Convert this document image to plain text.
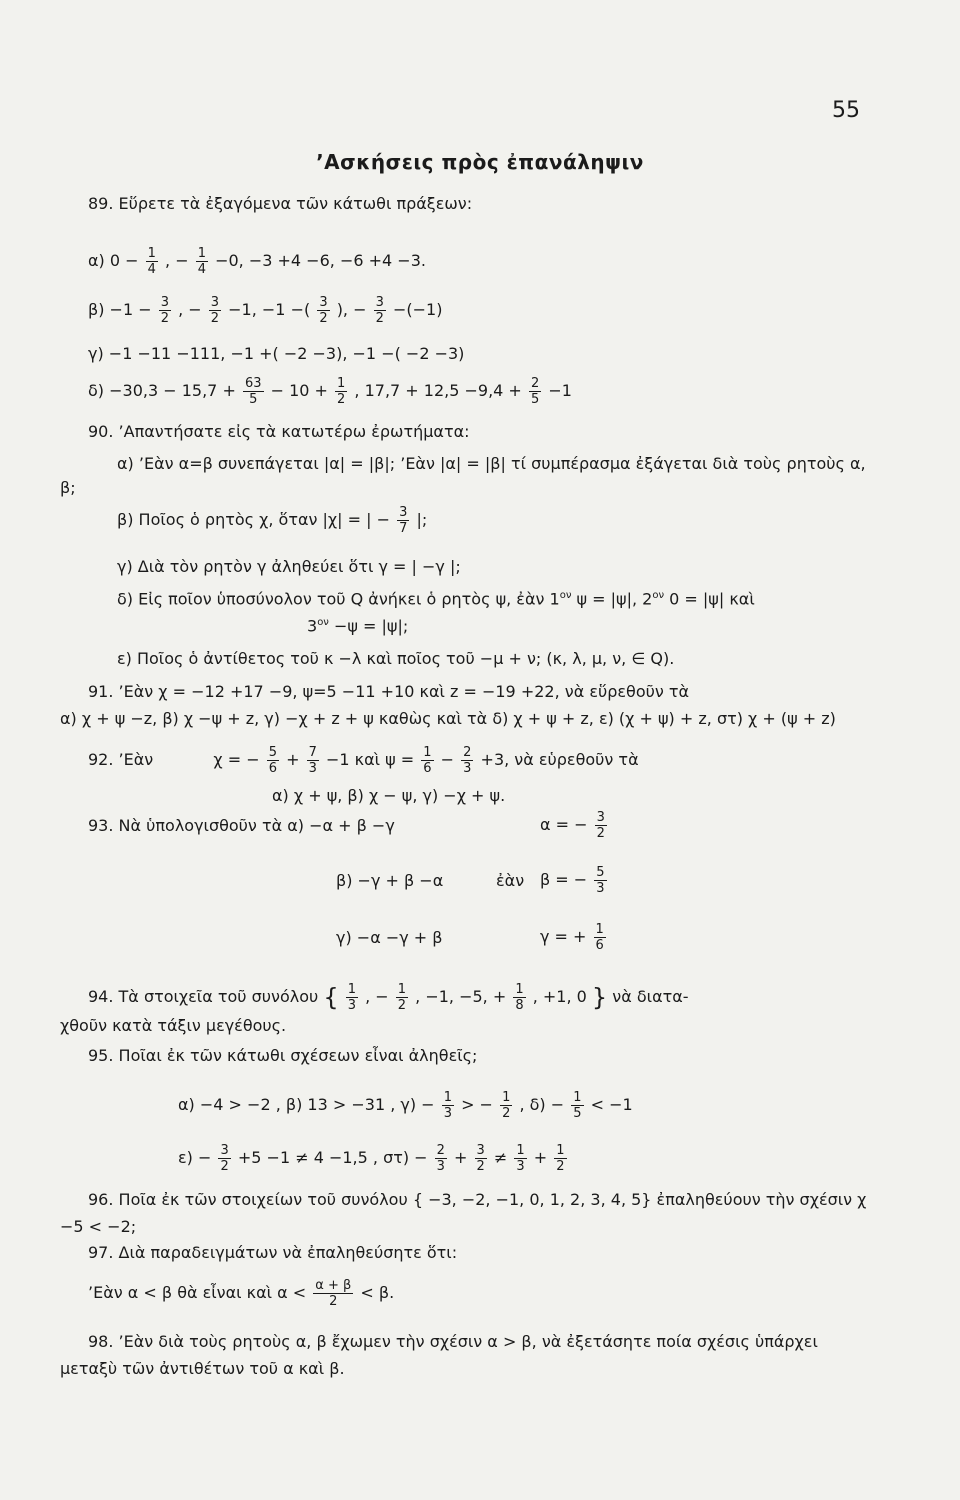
55
’Ασκήσεις πρὸς ἐπανάληψιν
89. Εὕρετε τὰ ἐξαγόμενα τῶν κάτωθι πράξεων:
α) $0 - \frac{1}{4}$ , − $\frac{1}{4} -0$, −3 +4 −6, −6 +4 −3.
$\beta) -1 - \frac{3}{2}$ , − $\frac{3}{2} -1$, −1 −( $\frac{3}{2}$ ), − $\frac{3}{2} -(-1)$
γ) −1 −11 −111, −1 +( −2 −3), −1 −( −2 −3)
$\delta) -30,3 - 15,7 + \frac{63}{5} - 10 + \frac{1}{2}$ , $17,7 + 12,5 -9,4 + \frac{2}{5} -1$
90. ’Απαντήσατε εἰς τὰ κατωτέρω ἐρωτήματα:
α) ’Εὰν α=β συνεπάγεται |α| = |β|; ’Εὰν |α| = |β| τί συμπέρασμα ἐξάγεται διὰ τοὺς ρητοὺς α, β;
β) Ποῖος ὁ ρητὸς χ, ὅταν |χ| = | − $\frac{3}{7}$ |;
γ) Διὰ τὸν ρητὸν γ ἀληθεύει ὅτι γ = | −γ |;
δ) Εἰς ποῖον ὑποσύνολον τοῦ Q ἀνήκει ὁ ρητὸς ψ, ἐὰν $1^{o\nu}$ ψ = |ψ|, $2^{o\nu}$ 0 = |ψ| καὶ
$3^{o\nu} -\psi = |\psi|$;
ε) Ποῖος ὁ ἀντίθετος τοῦ κ −λ καὶ ποῖος τοῦ −μ + ν; (κ, λ, μ, ν, ∈ Q).
91. ’Εὰν χ = −12 +17 −9, ψ=5 −11 +10 καὶ z = −19 +22, νὰ εὕρεθοῦν τὰ
α) χ + ψ −z, β) χ −ψ + z, γ) −χ + z + ψ καθὼς καὶ τὰ δ) χ + ψ + z, ε) (χ + ψ) + z, στ) χ + (ψ + z)
92. ’Εὰν	χ = − $\frac{5}{6} + \frac{7}{3} -1$ καὶ $\psi = \frac{1}{6} - \frac{2}{3} +3$, νὰ εὑρεθοῦν τὰ
α) χ + ψ, β) χ − ψ, γ) −χ + ψ.
93. Νὰ ὑπολογισθοῦν τὰ α) −α + β −γ	α = − $\frac{3}{2}$
β) −γ + β −α	ἐὰν β = − $\frac{5}{3}$
γ) −α −γ + β	γ = + $\frac{1}{6}$
94. Τὰ στοιχεῖα τοῦ συνόλου { $\frac{1}{3}$ , − $\frac{1}{2}$ , −1, −5, + $\frac{1}{8}$ , +1, 0 } νὰ διατα-
χθοῦν κατὰ τάξιν μεγέθους.
95. Ποῖαι ἐκ τῶν κάτωθι σχέσεων εἶναι ἀληθεῖς;
α) −4 > −2 , β) 13 > −31 , $\gamma) - \frac{1}{3}$ > − $\frac{1}{2}$ , $\delta) - \frac{1}{5} < -1$
$\varepsilon) - \frac{3}{2} +5 -1 \ne 4 -1,5$ , $\sigma\tau) - \frac{2}{3} + \frac{3}{2} \ne \frac{1}{3} + \frac{1}{2}$
96. Ποῖα ἐκ τῶν στοιχείων τοῦ συνόλου { −3, −2, −1, 0, 1, 2, 3, 4, 5} ἐπαληθεύουν τὴν σχέσιν χ −5 < −2;
97. Διὰ παραδειγμάτων νὰ ἐπαληθεύσητε ὅτι:
’Εὰν α < β θὰ εἶναι καὶ $\alpha < \frac{\alpha + \beta}{2} < \beta$.
98. ’Εὰν διὰ τοὺς ρητοὺς α, β ἔχωμεν τὴν σχέσιν α > β, νὰ ἐξετάσητε ποία σχέσις ὑπάρχει μεταξὺ τῶν ἀντιθέτων τοῦ α καὶ β.
